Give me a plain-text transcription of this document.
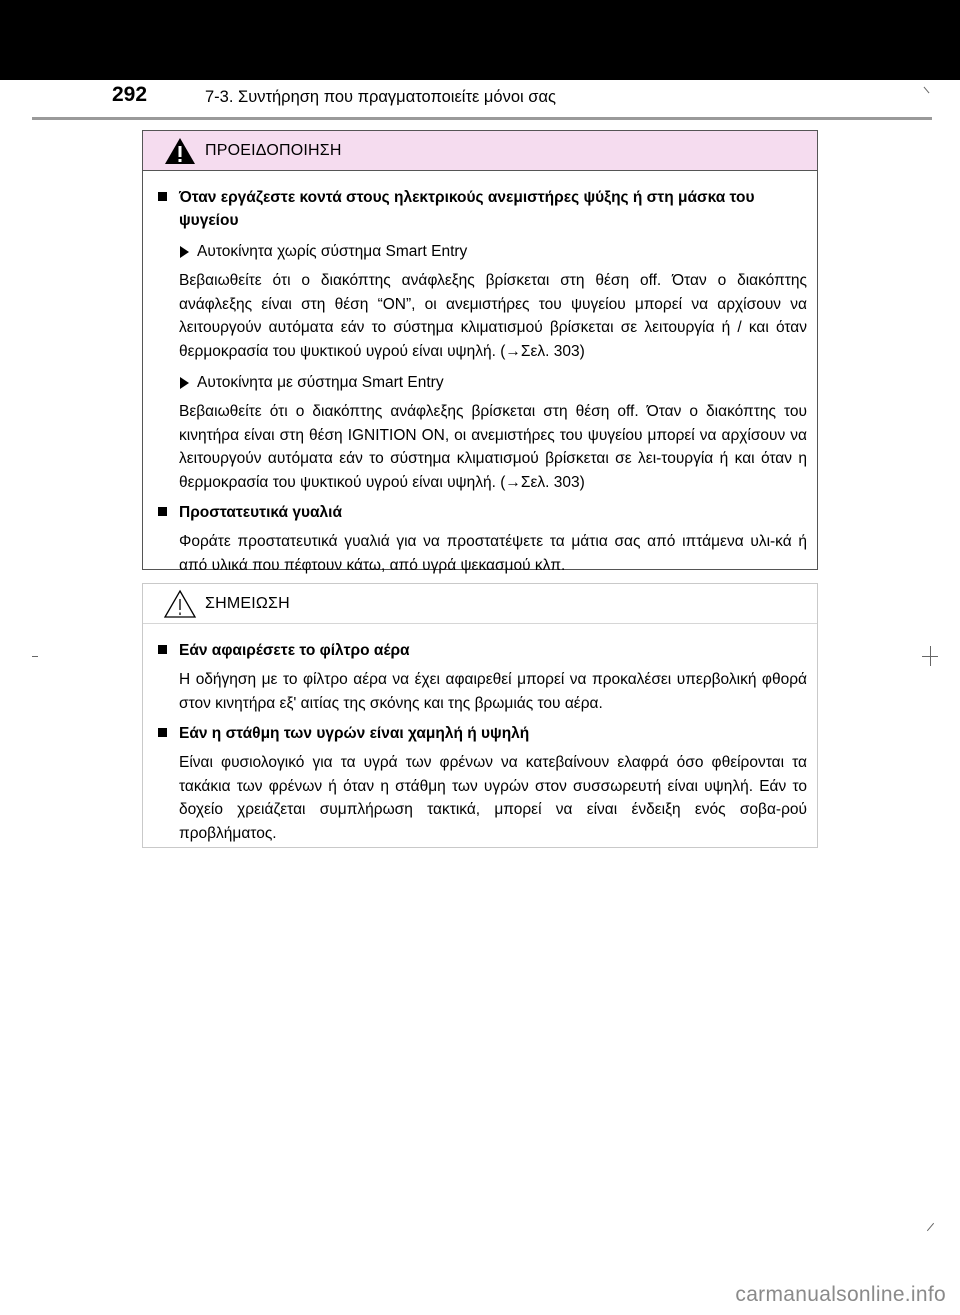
292	7-3. Συντήρηση που πραγματοποιείτε μόνοι σας
ΠΡΟΕΙΔΟΠΟΙΗΣΗ
Όταν εργάζεστε κοντά στους ηλεκτρικούς ανεμιστήρες ψύξης ή στη μάσκα του ψυγείου
Αυτοκίνητα χωρίς σύστημα Smart Entry
Βεβαιωθείτε ότι ο διακόπτης ανάφλεξης βρίσκεται στη θέση off. Όταν ο διακόπτης ανάφλεξης είναι στη θέση “ON”, οι ανεμιστήρες του ψυγείου μπορεί να αρχίσουν να λειτουργούν αυτόματα εάν το σύστημα κλιματισμού βρίσκεται σε λειτουργία ή / και όταν θερμοκρασία του ψυκτικού υγρού είναι υψηλή. (→Σελ. 303)
Αυτοκίνητα με σύστημα Smart Entry
Βεβαιωθείτε ότι ο διακόπτης ανάφλεξης βρίσκεται στη θέση off. Όταν ο διακόπτης του κινητήρα είναι στη θέση IGNITION ON, οι ανεμιστήρες του ψυγείου μπορεί να αρχίσουν να λειτουργούν αυτόματα εάν το σύστημα κλιματισμού βρίσκεται σε λει-τουργία ή και όταν η θερμοκρασία του ψυκτικού υγρού είναι υψηλή. (→Σελ. 303)
Προστατευτικά γυαλιά
Φοράτε προστατευτικά γυαλιά για να προστατέψετε τα μάτια σας από ιπτάμενα υλι-κά ή από υλικά που πέφτουν κάτω, από υγρά ψεκασμού κλπ.
ΣΗΜΕΙΩΣΗ
Εάν αφαιρέσετε το φίλτρο αέρα
Η οδήγηση με το φίλτρο αέρα να έχει αφαιρεθεί μπορεί να προκαλέσει υπερβολική φθορά στον κινητήρα εξ' αιτίας της σκόνης και της βρωμιάς του αέρα.
Εάν η στάθμη των υγρών είναι χαμηλή ή υψηλή
Είναι φυσιολογικό για τα υγρά των φρένων να κατεβαίνουν ελαφρά όσο φθείρονται τα τακάκια των φρένων ή όταν η στάθμη των υγρών στον συσσωρευτή είναι υψηλή. Εάν το δοχείο χρειάζεται συμπλήρωση τακτικά, μπορεί να είναι ένδειξη ενός σοβα-ρού προβλήματος.
carmanualsonline.info
